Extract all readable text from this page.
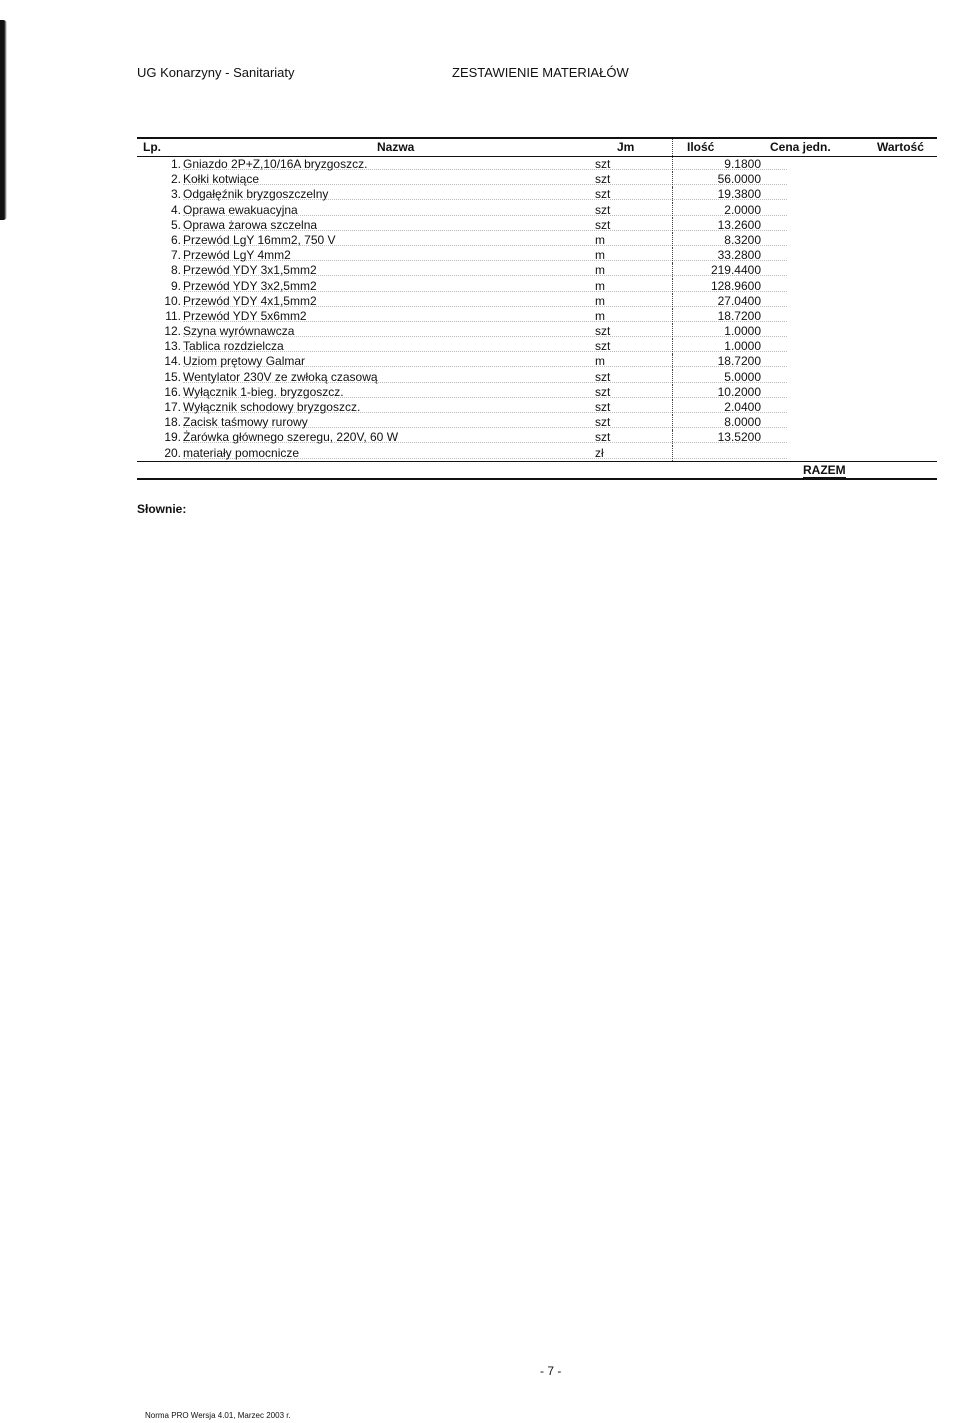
UG Konarzyny - Sanitariaty	ZESTAWIENIE MATERIAŁÓW
Lp.	Nazwa	Jm	Ilość	Cena jedn.	Wartość
1. Gniazdo 2P+Z,10/16A bryzgoszcz.	szt	9.1800
2. Kołki kotwiące	szt	56.0000
3. Odgałęźnik bryzgoszczelny	szt	19.3800
4. Oprawa ewakuacyjna	szt	2.0000
5. Oprawa żarowa szczelna	szt	13.2600
6. Przewód LgY 16mm2, 750 V	m	8.3200
7. Przewód LgY 4mm2	m	33.2800
8. Przewód YDY 3x1,5mm2	m	219.4400
9. Przewód YDY 3x2,5mm2	m	128.9600
10. Przewód YDY 4x1,5mm2	m	27.0400
11. Przewód YDY 5x6mm2	m	18.7200
12. Szyna wyrównawcza	szt	1.0000
13. Tablica rozdzielcza	szt	1.0000
14. Uziom prętowy Galmar	m	18.7200
15. Wentylator 230V ze zwłoką czasową	szt	5.0000
16. Wyłącznik 1-bieg. bryzgoszcz.	szt	10.2000
17. Wyłącznik schodowy bryzgoszcz.	szt	2.0400
18. Zacisk taśmowy rurowy	szt	8.0000
19. Żarówka głównego szeregu, 220V, 60 W	szt	13.5200
20. materiały pomocnicze	zł
RAZEM
Słownie:
- 7 -
Norma PRO Wersja 4.01, Marzec 2003 r.
